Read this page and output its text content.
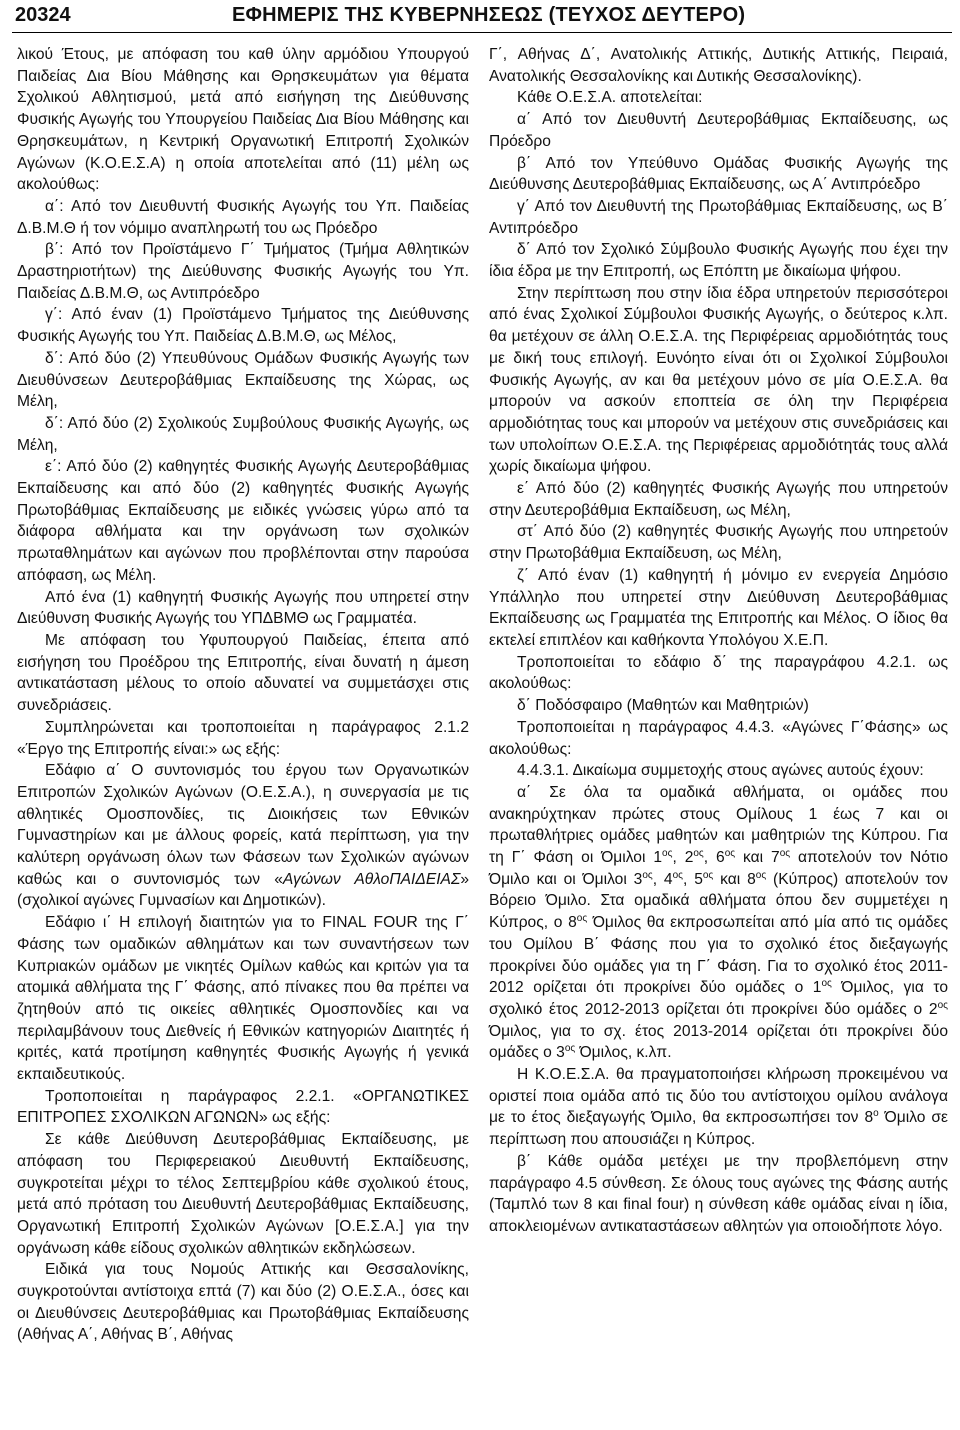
20324	ΕΦΗΜΕΡΙΣ ΤΗΣ ΚΥΒΕΡΝΗΣΕΩΣ (ΤΕΥΧΟΣ ΔΕΥΤΕΡΟ)

λικού Έτους, με απόφαση του καθ ύλην αρμόδιου Υπουργού Παιδείας Δια Βίου Μάθησης και Θρησκευμάτων για θέματα Σχολικού Αθλητισμού, μετά από εισήγηση της Διεύθυνσης Φυσικής Αγωγής του Υπουργείου Παιδείας Δια Βίου Μάθησης και Θρησκευμάτων, η Κεντρική Οργανωτική Επιτροπή Σχολικών Αγώνων (Κ.Ο.Ε.Σ.Α) η οποία αποτελείται από (11) μέλη ως ακολούθως:

α΄: Από τον Διευθυντή Φυσικής Αγωγής του Υπ. Παιδείας Δ.Β.Μ.Θ ή τον νόμιμο αναπληρωτή του ως Πρόεδρο

β΄: Από τον Προϊστάμενο Γ΄ Τμήματος (Τμήμα Αθλητικών Δραστηριοτήτων) της Διεύθυνσης Φυσικής Αγωγής του Υπ. Παιδείας Δ.Β.Μ.Θ, ως Αντιπρόεδρο

γ΄: Από έναν (1) Προϊστάμενο Τμήματος της Διεύθυνσης Φυσικής Αγωγής του Υπ. Παιδείας Δ.Β.Μ.Θ, ως Μέλος,

δ΄: Από δύο (2) Υπευθύνους Ομάδων Φυσικής Αγωγής των Διευθύνσεων Δευτεροβάθμιας Εκπαίδευσης της Χώρας, ως Μέλη,

δ΄: Από δύο (2) Σχολικούς Συμβούλους Φυσικής Αγωγής, ως Μέλη,

ε΄: Από δύο (2) καθηγητές Φυσικής Αγωγής Δευτεροβάθμιας Εκπαίδευσης και από δύο (2) καθηγητές Φυσικής Αγωγής Πρωτοβάθμιας Εκπαίδευσης με ειδικές γνώσεις γύρω από τα διάφορα αθλήματα και την οργάνωση των σχολικών πρωταθλημάτων και αγώνων που προβλέπονται στην παρούσα απόφαση, ως Μέλη.

Από ένα (1) καθηγητή Φυσικής Αγωγής που υπηρετεί στην Διεύθυνση Φυσικής Αγωγής του ΥΠΔΒΜΘ ως Γραμματέα.

Με απόφαση του Υφυπουργού Παιδείας, έπειτα από εισήγηση του Προέδρου της Επιτροπής, είναι δυνατή η άμεση αντικατάσταση μέλους το οποίο αδυνατεί να συμμετάσχει στις συνεδριάσεις.

Συμπληρώνεται και τροποποιείται η παράγραφος 2.1.2 «Έργο της Επιτροπής είναι:» ως εξής:

Εδάφιο α΄ Ο συντονισμός του έργου των Οργανωτικών Επιτροπών Σχολικών Αγώνων (Ο.Ε.Σ.Α.), η συνεργασία με τις αθλητικές Ομοσπονδίες, τις Διοικήσεις των Εθνικών Γυμναστηρίων και με άλλους φορείς, κατά περίπτωση, για την καλύτερη οργάνωση όλων των Φάσεων των Σχολικών αγώνων καθώς και ο συντονισμός των «Αγώνων ΑθλοΠΑΙΔΕΙΑΣ» (σχολικοί αγώνες Γυμνασίων και Δημοτικών).

Εδάφιο ι΄ Η επιλογή διαιτητών για το FINAL FOUR της Γ΄ Φάσης των ομαδικών αθλημάτων και των συναντήσεων των Κυπριακών ομάδων με νικητές Ομίλων καθώς και κριτών για τα ατομικά αθλήματα της Γ΄ Φάσης, από πίνακες που θα πρέπει να ζητηθούν από τις οικείες αθλητικές Ομοσπονδίες και να περιλαμβάνουν τους Διεθνείς ή Εθνικών κατηγοριών Διαιτητές ή κριτές, κατά προτίμηση καθηγητές Φυσικής Αγωγής ή γενικά εκπαιδευτικούς.

Τροποποιείται η παράγραφος 2.2.1. «ΟΡΓΑΝΩΤΙΚΕΣ ΕΠΙΤΡΟΠΕΣ ΣΧΟΛΙΚΩΝ ΑΓΩΝΩΝ» ως εξής:

Σε κάθε Διεύθυνση Δευτεροβάθμιας Εκπαίδευσης, με απόφαση του Περιφερειακού Διευθυντή Εκπαίδευσης, συγκροτείται μέχρι το τέλος Σεπτεμβρίου κάθε σχολικού έτους, μετά από πρόταση του Διευθυντή Δευτεροβάθμιας Εκπαίδευσης, Οργανωτική Επιτροπή Σχολικών Αγώνων [Ο.Ε.Σ.Α.] για την οργάνωση κάθε είδους σχολικών αθλητικών εκδηλώσεων.

Ειδικά για τους Νομούς Αττικής και Θεσσαλονίκης, συγκροτούνται αντίστοιχα επτά (7) και δύο (2) Ο.Ε.Σ.Α., όσες και οι Διευθύνσεις Δευτεροβάθμιας και Πρωτοβάθμιας Εκπαίδευσης (Αθήνας Α΄, Αθήνας Β΄, Αθήνας

Γ΄, Αθήνας Δ΄, Ανατολικής Αττικής, Δυτικής Αττικής, Πειραιά, Ανατολικής Θεσσαλονίκης και Δυτικής Θεσσαλονίκης).

Κάθε Ο.Ε.Σ.Α. αποτελείται:

α΄ Από τον Διευθυντή Δευτεροβάθμιας Εκπαίδευσης, ως Πρόεδρο

β΄ Από τον Υπεύθυνο Ομάδας Φυσικής Αγωγής της Διεύθυνσης Δευτεροβάθμιας Εκπαίδευσης, ως Α΄ Αντιπρόεδρο

γ΄ Από τον Διευθυντή της Πρωτοβάθμιας Εκπαίδευσης, ως Β΄ Αντιπρόεδρο

δ΄ Από τον Σχολικό Σύμβουλο Φυσικής Αγωγής που έχει την ίδια έδρα με την Επιτροπή, ως Επόπτη με δικαίωμα ψήφου.

Στην περίπτωση που στην ίδια έδρα υπηρετούν περισσότεροι από ένας Σχολικοί Σύμβουλοι Φυσικής Αγωγής, ο δεύτερος κ.λπ. θα μετέχουν σε άλλη Ο.Ε.Σ.Α. της Περιφέρειας αρμοδιότητάς τους με δική τους επιλογή. Ευνόητο είναι ότι οι Σχολικοί Σύμβουλοι Φυσικής Αγωγής, αν και θα μετέχουν μόνο σε μία Ο.Ε.Σ.Α. θα μπορούν να ασκούν εποπτεία σε όλη την Περιφέρεια αρμοδιότητας τους και μπορούν να μετέχουν στις συνεδριάσεις και των υπολοίπων Ο.Ε.Σ.Α. της Περιφέρειας αρμοδιότητάς τους αλλά χωρίς δικαίωμα ψήφου.

ε΄ Από δύο (2) καθηγητές Φυσικής Αγωγής που υπηρετούν στην Δευτεροβάθμια Εκπαίδευση, ως Μέλη,

στ΄ Από δύο (2) καθηγητές Φυσικής Αγωγής που υπηρετούν στην Πρωτοβάθμια Εκπαίδευση, ως Μέλη,

ζ΄ Από έναν (1) καθηγητή ή μόνιμο εν ενεργεία Δημόσιο Υπάλληλο που υπηρετεί στην Διεύθυνση Δευτεροβάθμιας Εκπαίδευσης ως Γραμματέα της Επιτροπής και Μέλος. Ο ίδιος θα εκτελεί επιπλέον και καθήκοντα Υπολόγου Χ.Ε.Π.

Τροποποιείται το εδάφιο δ΄ της παραγράφου 4.2.1. ως ακολούθως:

δ΄ Ποδόσφαιρο (Μαθητών και Μαθητριών)

Τροποποιείται η παράγραφος 4.4.3. «Αγώνες Γ΄Φάσης» ως ακολούθως:

4.4.3.1. Δικαίωμα συμμετοχής στους αγώνες αυτούς έχουν:

α΄ Σε όλα τα ομαδικά αθλήματα, οι ομάδες που ανακηρύχτηκαν πρώτες στους Ομίλους 1 έως 7 και οι πρωταθλήτριες ομάδες μαθητών και μαθητριών της Κύπρου. Για τη Γ΄ Φάση οι Όμιλοι $1^{o\varsigma}$, $2^{o\varsigma}$, $6^{o\varsigma}$ και $7^{o\varsigma}$ αποτελούν τον Νότιο Όμιλο και οι Όμιλοι $3^{o\varsigma}$, $4^{o\varsigma}$, $5^{o\varsigma}$ και $8^{o\varsigma}$ (Κύπρος) αποτελούν τον Βόρειο Όμιλο. Στα ομαδικά αθλήματα όπου δεν συμμετέχει η Κύπρος, ο $8^{o\varsigma}$ Όμιλος θα εκπροσωπείται από μία από τις ομάδες του Ομίλου Β΄ Φάσης που για το σχολικό έτος διεξαγωγής προκρίνει δύο ομάδες για τη Γ΄ Φάση. Για το σχολικό έτος 2011-2012 ορίζεται ότι προκρίνει δύο ομάδες ο $1^{o\varsigma}$ Όμιλος, για το σχολικό έτος 2012-2013 ορίζεται ότι προκρίνει δύο ομάδες ο $2^{o\varsigma}$ Όμιλος, για το σχ. έτος 2013-2014 ορίζεται ότι προκρίνει δύο ομάδες ο $3^{o\varsigma}$ Όμιλος, κ.λπ.

Η Κ.Ο.Ε.Σ.Α. θα πραγματοποιήσει κλήρωση προκειμένου να οριστεί ποια ομάδα από τις δύο του αντίστοιχου ομίλου ανάλογα με το έτος διεξαγωγής Όμιλο, θα εκπροσωπήσει τον $8^o$ Όμιλο σε περίπτωση που απουσιάζει η Κύπρος.

β΄ Κάθε ομάδα μετέχει με την προβλεπόμενη στην παράγραφο 4.5 σύνθεση. Σε όλους τους αγώνες της Φάσης αυτής (Ταμπλό των 8 και final four) η σύνθεση κάθε ομάδας είναι η ίδια, αποκλειομένων αντικαταστάσεων αθλητών για οποιοδήποτε λόγο.
